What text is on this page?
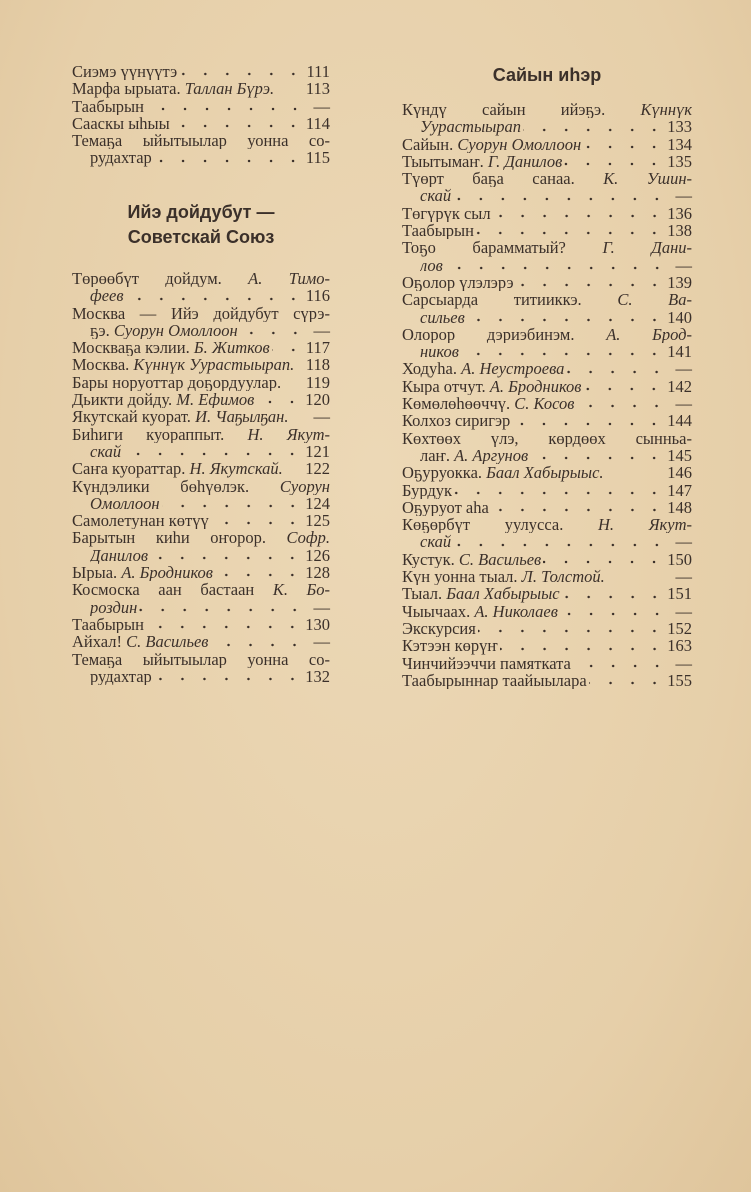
Сиэмэ үүнүүтэ	111
Марфа ырыата. Таллан Бүрэ. 113
Таабырын	—
Сааскы ыһыы	114
Темаҕа ыйытыылар уонна со-
рудахтар	115
Ийэ дойдубут —
Советскай Союз
Төрөөбүт дойдум. А. Тимо-
феев	116
Москва — Ийэ дойдубут сүрэ-
ҕэ. Суорун Омоллоон	—
Москваҕа кэлии. Б. Житков 117
Москва. Күннүк Уурастыырап. 118
Бары норуоттар доҕордуулар. 119
Дьикти дойду. М. Ефимов	120
Якутскай куорат. И. Чаҕылҕан.	—
Биһиги куораппыт. Н. Якут-
скай	121
Саҥа куораттар. Н. Якутскай. 122
Күндэлики бөһүөлэк. Суорун
Омоллоон	124
Самолетунан көтүү	125
Барытын киһи оҥорор. Софр.
Данилов	126
Ырыа. А. Бродников	128
Космоска аан бастаан К. Бо-
роздин	—
Таабырын	130
Айхал! С. Васильев	—
Темаҕа ыйытыылар уонна со-
рудахтар	132
Сайын иһэр
Күндү сайын ийэҕэ. Күннүк
Уурастыырап	133
Сайын. Суорун Омоллоон	134
Тыытымаҥ. Г. Данилов	135
Түөрт баҕа санаа. К. Ушин-
скай	—
Төгүрүк сыл	136
Таабырын	138
Тоҕо барамматый? Г. Дани-
лов	—
Оҕолор үлэлэрэ	139
Сарсыарда титииккэ. С. Ва-
сильев	140
Олорор дэриэбинэм. А. Брод-
ников	141
Ходуһа. А. Неустроева	—
Кыра отчут. А. Бродников	142
Көмөлөһөөччү. С. Косов	—
Колхоз сиригэр	144
Көхтөөх үлэ, көрдөөх сынньа-
лаҥ. А. Аргунов	145
Оҕуруокка. Баал Хабырыыс.	146
Бурдук	147
Оҕуруот аһа	148
Көҕөрбүт уулусса. Н. Якут-
скай	—
Кустук. С. Васильев	150
Күн уонна тыал. Л. Толстой.	—
Тыал. Баал Хабырыыс	151
Чыычаах. А. Николаев	—
Экскурсия	152
Кэтээн көрүҥ	163
Чинчийээччи памятката	—
Таабырыннар таайыылара	155
